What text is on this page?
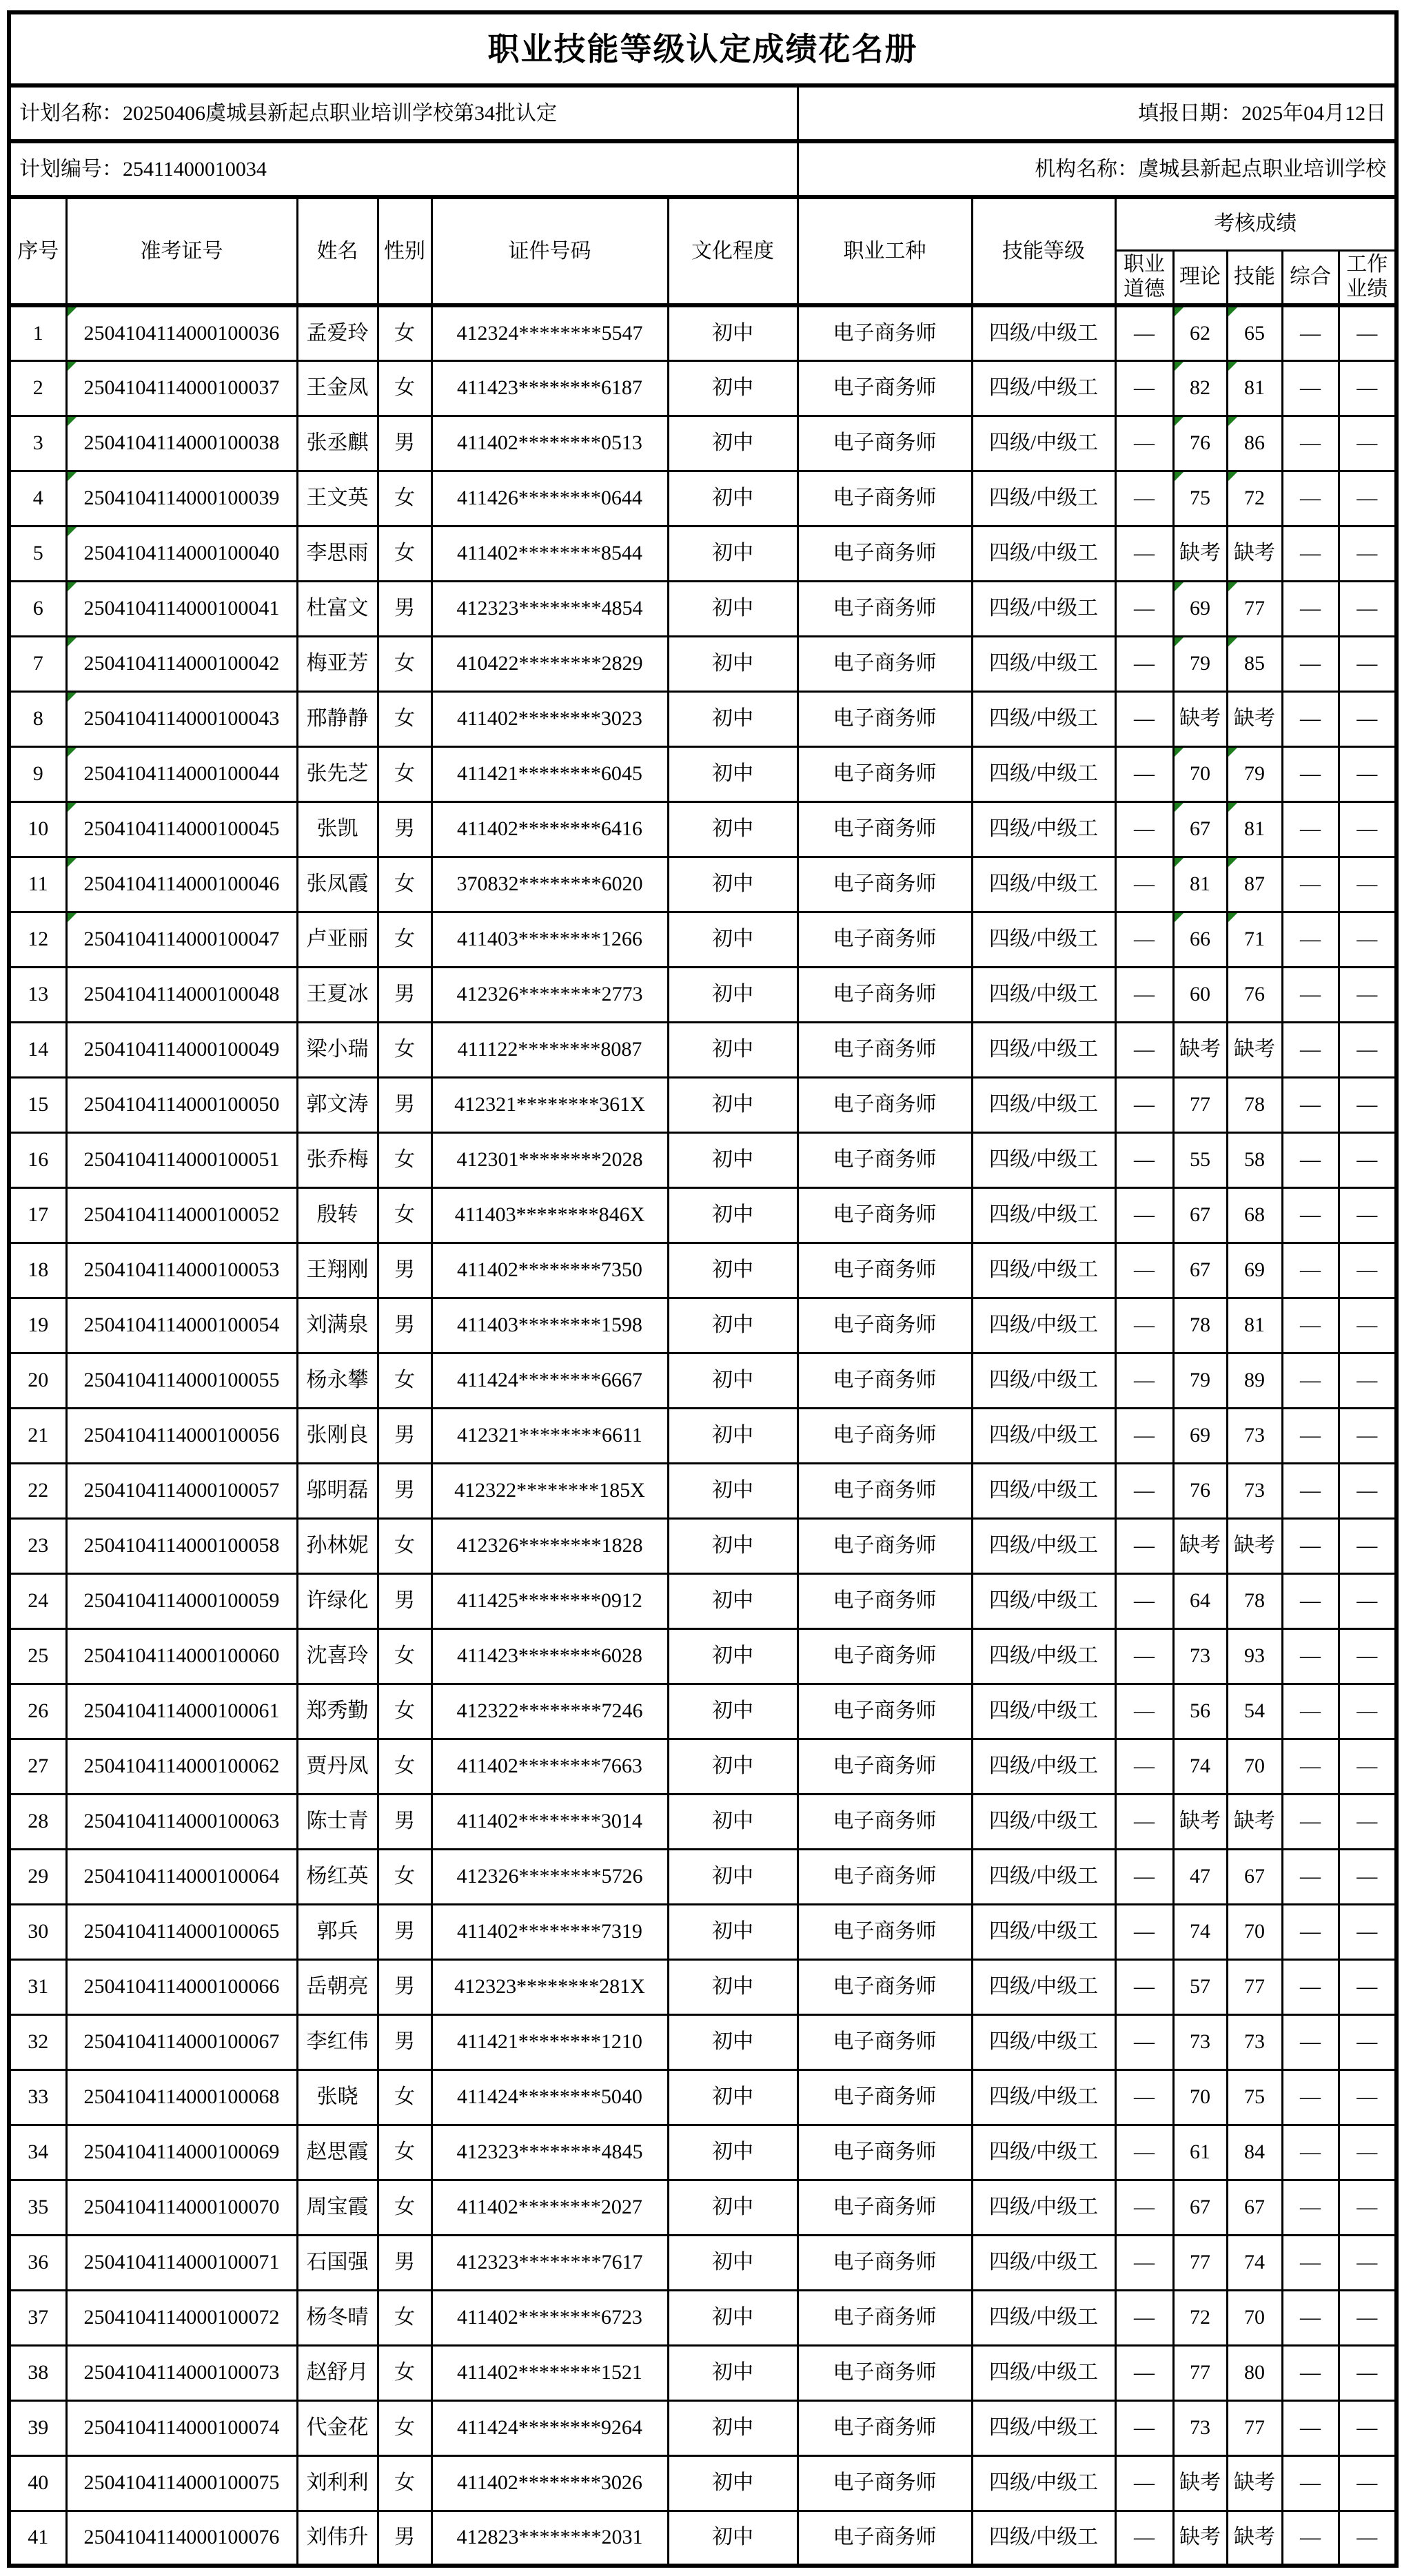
职业技能等级认定成绩花名册												
计划名称：20250406虞城县新起点职业培训学校第34批认定						填报日期：2025年04月12日						
计划编号：25411400010034						机构名称：虞城县新起点职业培训学校						
序号	准考证号	姓名	性别	证件号码	文化程度	职业工种	技能等级	考核成绩				
								职业道德	理论	技能	综合	工作业绩
1	2504104114000100036	孟爱玲	女	412324********5547	初中	电子商务师	四级/中级工	—	62	65	—	—
2	2504104114000100037	王金凤	女	411423********6187	初中	电子商务师	四级/中级工	—	82	81	—	—
3	2504104114000100038	张丞麒	男	411402********0513	初中	电子商务师	四级/中级工	—	76	86	—	—
4	2504104114000100039	王文英	女	411426********0644	初中	电子商务师	四级/中级工	—	75	72	—	—
5	2504104114000100040	李思雨	女	411402********8544	初中	电子商务师	四级/中级工	—	缺考	缺考	—	—
6	2504104114000100041	杜富文	男	412323********4854	初中	电子商务师	四级/中级工	—	69	77	—	—
7	2504104114000100042	梅亚芳	女	410422********2829	初中	电子商务师	四级/中级工	—	79	85	—	—
8	2504104114000100043	邢静静	女	411402********3023	初中	电子商务师	四级/中级工	—	缺考	缺考	—	—
9	2504104114000100044	张先芝	女	411421********6045	初中	电子商务师	四级/中级工	—	70	79	—	—
10	2504104114000100045	张凯	男	411402********6416	初中	电子商务师	四级/中级工	—	67	81	—	—
11	2504104114000100046	张凤霞	女	370832********6020	初中	电子商务师	四级/中级工	—	81	87	—	—
12	2504104114000100047	卢亚丽	女	411403********1266	初中	电子商务师	四级/中级工	—	66	71	—	—
13	2504104114000100048	王夏冰	男	412326********2773	初中	电子商务师	四级/中级工	—	60	76	—	—
14	2504104114000100049	梁小瑞	女	411122********8087	初中	电子商务师	四级/中级工	—	缺考	缺考	—	—
15	2504104114000100050	郭文涛	男	412321********361X	初中	电子商务师	四级/中级工	—	77	78	—	—
16	2504104114000100051	张乔梅	女	412301********2028	初中	电子商务师	四级/中级工	—	55	58	—	—
17	2504104114000100052	殷转	女	411403********846X	初中	电子商务师	四级/中级工	—	67	68	—	—
18	2504104114000100053	王翔刚	男	411402********7350	初中	电子商务师	四级/中级工	—	67	69	—	—
19	2504104114000100054	刘满泉	男	411403********1598	初中	电子商务师	四级/中级工	—	78	81	—	—
20	2504104114000100055	杨永攀	女	411424********6667	初中	电子商务师	四级/中级工	—	79	89	—	—
21	2504104114000100056	张刚良	男	412321********6611	初中	电子商务师	四级/中级工	—	69	73	—	—
22	2504104114000100057	邬明磊	男	412322********185X	初中	电子商务师	四级/中级工	—	76	73	—	—
23	2504104114000100058	孙林妮	女	412326********1828	初中	电子商务师	四级/中级工	—	缺考	缺考	—	—
24	2504104114000100059	许绿化	男	411425********0912	初中	电子商务师	四级/中级工	—	64	78	—	—
25	2504104114000100060	沈喜玲	女	411423********6028	初中	电子商务师	四级/中级工	—	73	93	—	—
26	2504104114000100061	郑秀勤	女	412322********7246	初中	电子商务师	四级/中级工	—	56	54	—	—
27	2504104114000100062	贾丹凤	女	411402********7663	初中	电子商务师	四级/中级工	—	74	70	—	—
28	2504104114000100063	陈士青	男	411402********3014	初中	电子商务师	四级/中级工	—	缺考	缺考	—	—
29	2504104114000100064	杨红英	女	412326********5726	初中	电子商务师	四级/中级工	—	47	67	—	—
30	2504104114000100065	郭兵	男	411402********7319	初中	电子商务师	四级/中级工	—	74	70	—	—
31	2504104114000100066	岳朝亮	男	412323********281X	初中	电子商务师	四级/中级工	—	57	77	—	—
32	2504104114000100067	李红伟	男	411421********1210	初中	电子商务师	四级/中级工	—	73	73	—	—
33	2504104114000100068	张晓	女	411424********5040	初中	电子商务师	四级/中级工	—	70	75	—	—
34	2504104114000100069	赵思霞	女	412323********4845	初中	电子商务师	四级/中级工	—	61	84	—	—
35	2504104114000100070	周宝霞	女	411402********2027	初中	电子商务师	四级/中级工	—	67	67	—	—
36	2504104114000100071	石国强	男	412323********7617	初中	电子商务师	四级/中级工	—	77	74	—	—
37	2504104114000100072	杨冬晴	女	411402********6723	初中	电子商务师	四级/中级工	—	72	70	—	—
38	2504104114000100073	赵舒月	女	411402********1521	初中	电子商务师	四级/中级工	—	77	80	—	—
39	2504104114000100074	代金花	女	411424********9264	初中	电子商务师	四级/中级工	—	73	77	—	—
40	2504104114000100075	刘利利	女	411402********3026	初中	电子商务师	四级/中级工	—	缺考	缺考	—	—
41	2504104114000100076	刘伟升	男	412823********2031	初中	电子商务师	四级/中级工	—	缺考	缺考	—	—
